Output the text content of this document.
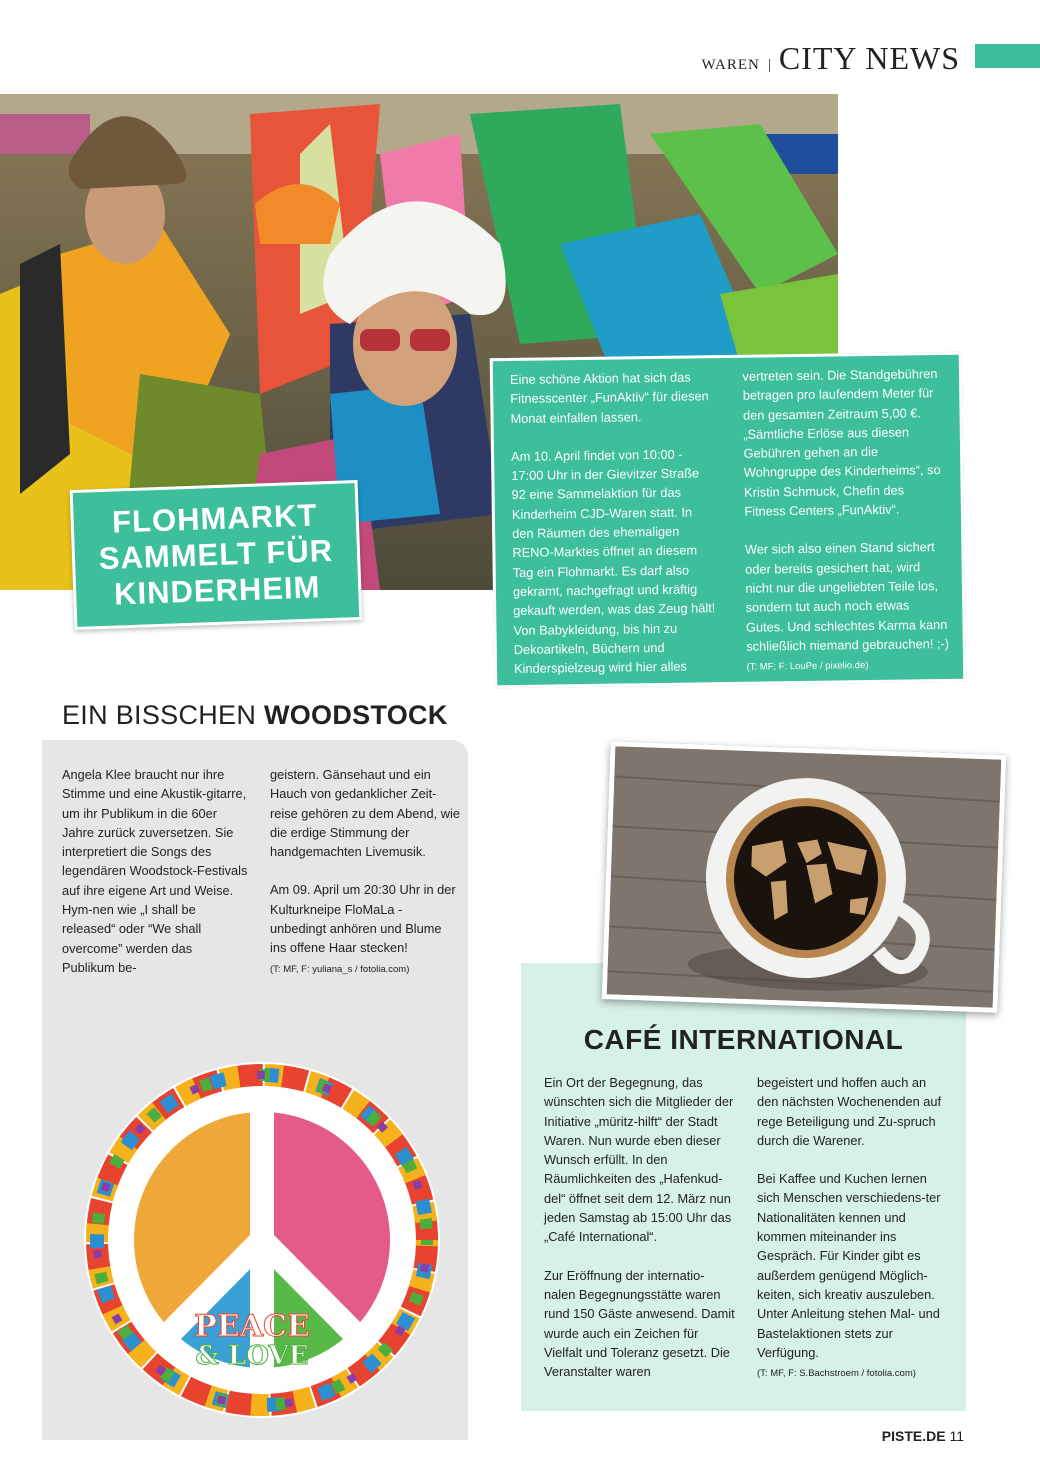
WAREN | CITY NEWS
FLOHMARKT
SAMMELT FÜR
KINDERHEIM

Eine schöne Aktion hat sich das Fitnesscenter „FunAktiv“ für diesen Monat einfallen lassen.

Am 10. April findet von 10:00 - 17:00 Uhr in der Gievitzer Straße 92 eine Sammelaktion für das Kinderheim CJD-Waren statt. In den Räumen des ehemaligen RENO-Marktes öffnet an diesem Tag ein Flohmarkt. Es darf also gekramt, nachgefragt und kräftig gekauft werden, was das Zeug hält! Von Babykleidung, bis hin zu Dekoartikeln, Büchern und Kinderspielzeug wird hier alles

vertreten sein. Die Standgebühren betragen pro laufendem Meter für den gesamten Zeitraum 5,00 €. „Sämtliche Erlöse aus diesen Gebühren gehen an die Wohngruppe des Kinderheims“, so Kristin Schmuck, Chefin des Fitness Centers „FunAktiv“.

Wer sich also einen Stand sichert oder bereits gesichert hat, wird nicht nur die ungeliebten Teile los, sondern tut auch noch etwas Gutes. Und schlechtes Karma kann schließlich niemand gebrauchen! ;-) (T: MF; F: LouPe / pixelio.de)

EIN BISSCHEN WOODSTOCK

Angela Klee braucht nur ihre Stimme und eine Akustik-gitarre, um ihr Publikum in die 60er Jahre zurück zuversetzen. Sie interpretiert die Songs des legendären Woodstock-Festivals auf ihre eigene Art und Weise. Hym-nen wie „I shall be released“ oder “We shall overcome” werden das Publikum be-

geistern. Gänsehaut und ein Hauch von gedanklicher Zeit-reise gehören zu dem Abend, wie die erdige Stimmung der handgemachten Livemusik.

Am 09. April um 20:30 Uhr in der Kulturkneipe FloMaLa - unbedingt anhören und Blume ins offene Haar stecken!
(T: MF, F: yuliana_s / fotolia.com)

PEACE
& LOVE
CAFÉ INTERNATIONAL

Ein Ort der Begegnung, das wünschten sich die Mitglieder der Initiative „müritz-hilft“ der Stadt Waren. Nun wurde eben dieser Wunsch erfüllt. In den Räumlichkeiten des „Hafenkud-del“ öffnet seit dem 12. März nun jeden Samstag ab 15:00 Uhr das „Café International“.

Zur Eröffnung der internatio-nalen Begegnungsstätte waren rund 150 Gäste anwesend. Damit wurde auch ein Zeichen für Vielfalt und Toleranz gesetzt. Die Veranstalter waren

begeistert und hoffen auch an den nächsten Wochenenden auf rege Beteiligung und Zu-spruch durch die Warener.

Bei Kaffee und Kuchen lernen sich Menschen verschiedens-ter Nationalitäten kennen und kommen miteinander ins Gespräch. Für Kinder gibt es außerdem genügend Möglich-keiten, sich kreativ auszuleben. Unter Anleitung stehen Mal- und Bastelaktionen stets zur Verfügung.
(T: MF, F: S.Bachstroem / fotolia.com)

PISTE.DE 11
